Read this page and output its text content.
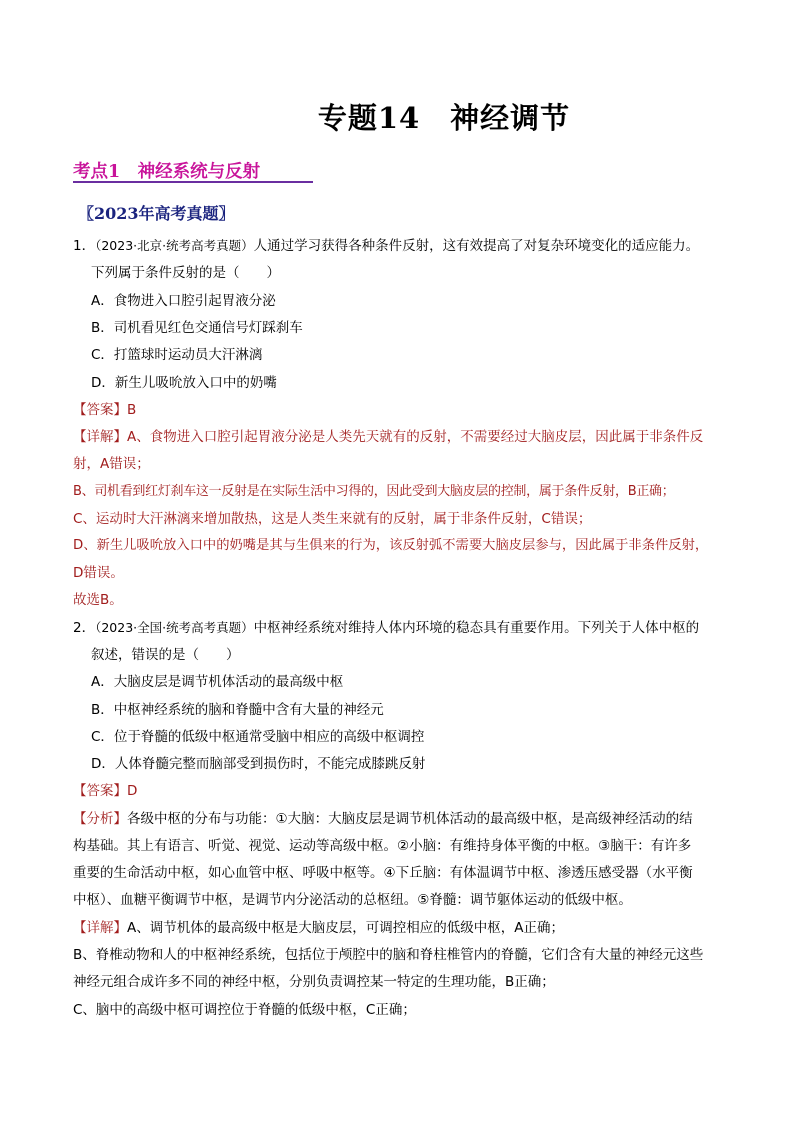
专题14　神经调节
考点1　神经系统与反射
〖2023年高考真题〗
1．（2023·北京·统考高考真题）人通过学习获得各种条件反射，这有效提高了对复杂环境变化的适应能力。
下列属于条件反射的是（　　）
A．食物进入口腔引起胃液分泌
B．司机看见红色交通信号灯踩刹车
C．打篮球时运动员大汗淋漓
D．新生儿吸吮放入口中的奶嘴
【答案】B
【详解】A、食物进入口腔引起胃液分泌是人类先天就有的反射，不需要经过大脑皮层，因此属于非条件反
射，A错误；
B、司机看到红灯刹车这一反射是在实际生活中习得的，因此受到大脑皮层的控制，属于条件反射，B正确；
C、运动时大汗淋漓来增加散热，这是人类生来就有的反射，属于非条件反射，C错误；
D、新生儿吸吮放入口中的奶嘴是其与生俱来的行为，该反射弧不需要大脑皮层参与，因此属于非条件反射，
D错误。
故选B。
2．（2023·全国·统考高考真题）中枢神经系统对维持人体内环境的稳态具有重要作用。下列关于人体中枢的
叙述，错误的是（　　）
A．大脑皮层是调节机体活动的最高级中枢
B．中枢神经系统的脑和脊髓中含有大量的神经元
C．位于脊髓的低级中枢通常受脑中相应的高级中枢调控
D．人体脊髓完整而脑部受到损伤时，不能完成膝跳反射
【答案】D
【分析】各级中枢的分布与功能：①大脑：大脑皮层是调节机体活动的最高级中枢，是高级神经活动的结
构基础。其上有语言、听觉、视觉、运动等高级中枢。②小脑：有维持身体平衡的中枢。③脑干：有许多
重要的生命活动中枢，如心血管中枢、呼吸中枢等。④下丘脑：有体温调节中枢、渗透压感受器（水平衡
中枢）、血糖平衡调节中枢，是调节内分泌活动的总枢纽。⑤脊髓：调节躯体运动的低级中枢。
【详解】A、调节机体的最高级中枢是大脑皮层，可调控相应的低级中枢，A正确；
B、脊椎动物和人的中枢神经系统，包括位于颅腔中的脑和脊柱椎管内的脊髓，它们含有大量的神经元这些
神经元组合成许多不同的神经中枢，分别负责调控某一特定的生理功能，B正确；
C、脑中的高级中枢可调控位于脊髓的低级中枢，C正确；
